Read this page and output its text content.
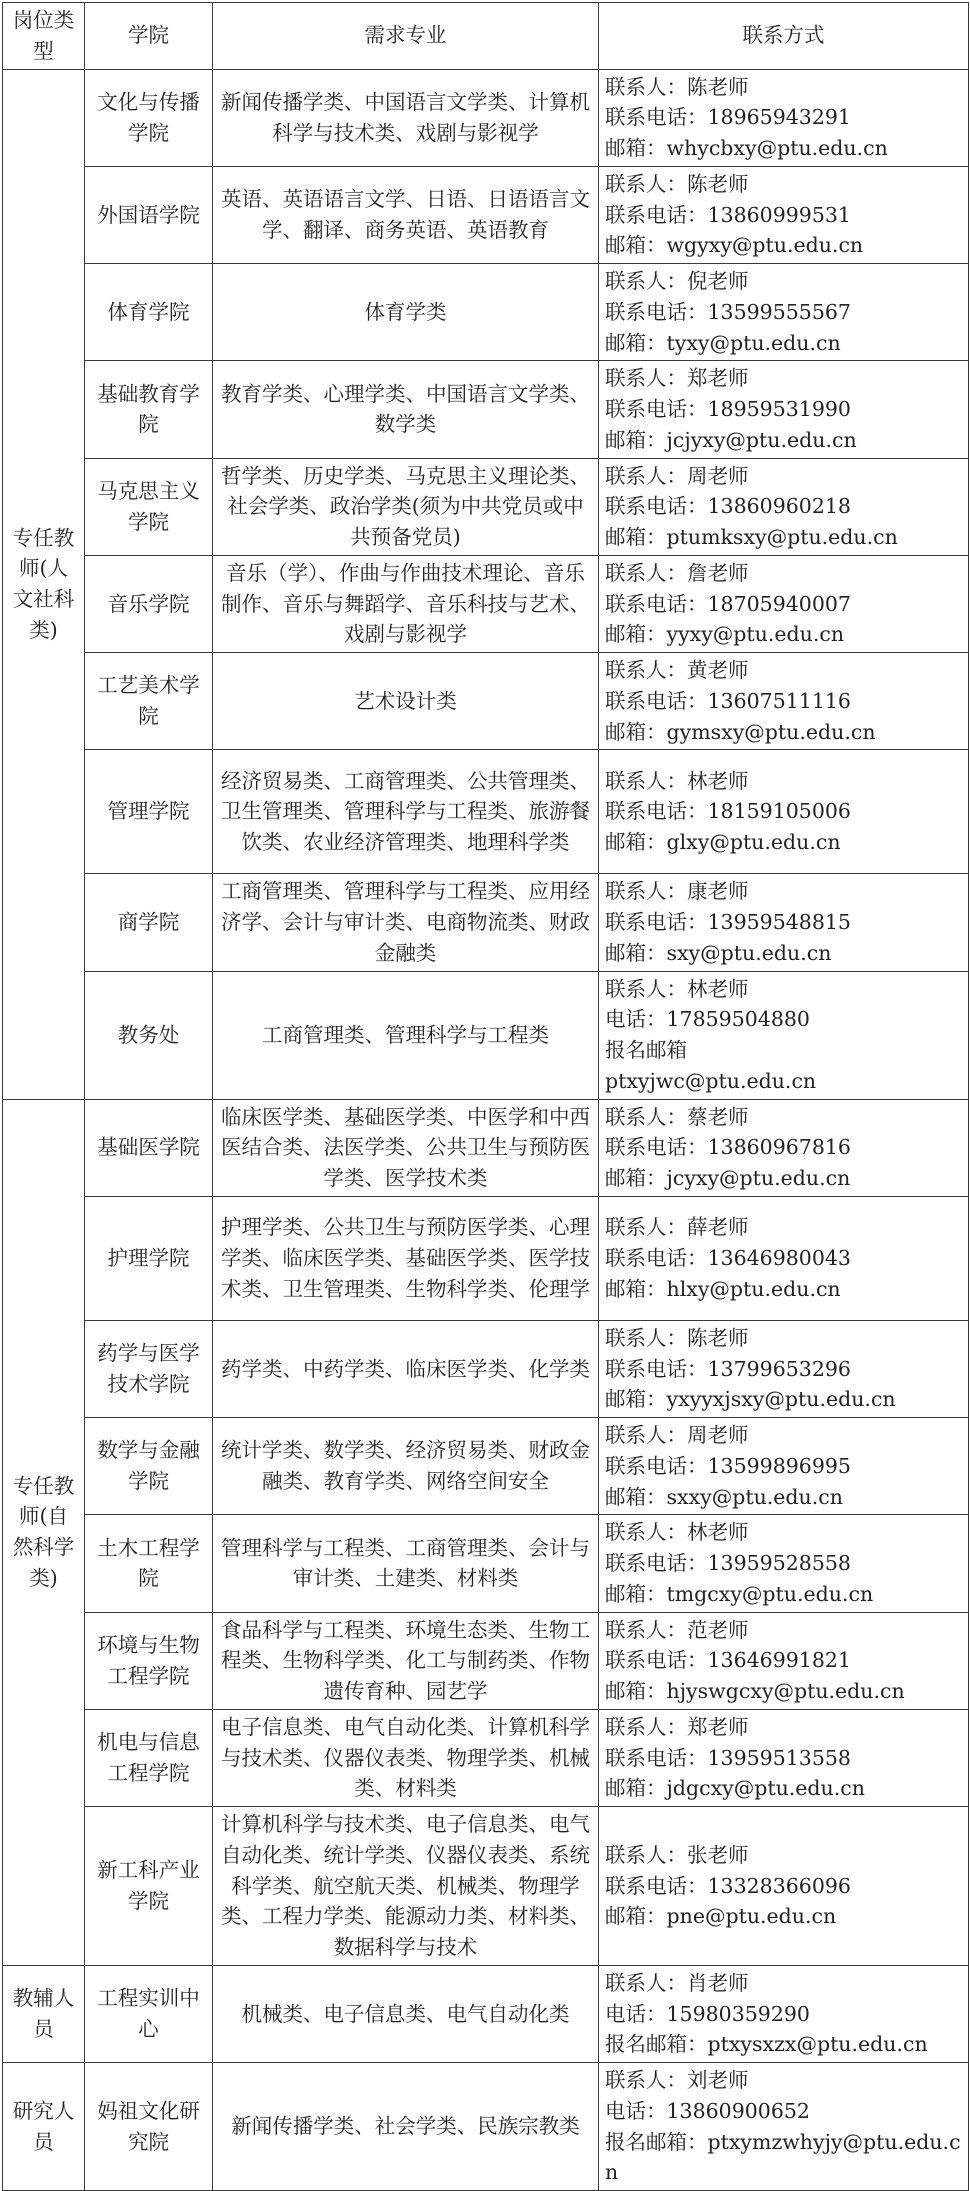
岗位类型	学院	需求专业	联系方式
专任教师(人文社科类)	文化与传播学院	新闻传播学类、中国语言文学类、计算机科学与技术类、戏剧与影视学	联系人：陈老师
联系电话：18965943291
邮箱：whycbxy@ptu.edu.cn

	外国语学院	英语、英语语言文学、日语、日语语言文学、翻译、商务英语、英语教育	联系人：陈老师
联系电话：13860999531
邮箱：wgyxy@ptu.edu.cn

	体育学院	体育学类	联系人：倪老师
联系电话：13599555567
邮箱：tyxy@ptu.edu.cn

	基础教育学院	教育学类、心理学类、中国语言文学类、数学类	联系人：郑老师
联系电话：18959531990
邮箱：jcjyxy@ptu.edu.cn

	马克思主义学院	哲学类、历史学类、马克思主义理论类、社会学类、政治学类(须为中共党员或中共预备党员)	联系人：周老师
联系电话：13860960218
邮箱：ptumksxy@ptu.edu.cn

	音乐学院	音乐（学）、作曲与作曲技术理论、音乐制作、音乐与舞蹈学、音乐科技与艺术、戏剧与影视学	联系人：詹老师
联系电话：18705940007
邮箱：yyxy@ptu.edu.cn

	工艺美术学院	艺术设计类	联系人：黄老师
联系电话：13607511116
邮箱：gymsxy@ptu.edu.cn

	管理学院	经济贸易类、工商管理类、公共管理类、卫生管理类、管理科学与工程类、旅游餐饮类、农业经济管理类、地理科学类	联系人：林老师
联系电话：18159105006
邮箱：glxy@ptu.edu.cn

	商学院	工商管理类、管理科学与工程类、应用经济学、会计与审计类、电商物流类、财政金融类	联系人：康老师
联系电话：13959548815
邮箱：sxy@ptu.edu.cn

	教务处	工商管理类、管理科学与工程类	联系人：林老师
电话：17859504880
报名邮箱
ptxyjwc@ptu.edu.cn

专任教师(自然科学类)	基础医学院	临床医学类、基础医学类、中医学和中西医结合类、法医学类、公共卫生与预防医学类、医学技术类	联系人：蔡老师
联系电话：13860967816
邮箱：jcyxy@ptu.edu.cn

	护理学院	护理学类、公共卫生与预防医学类、心理学类、临床医学类、基础医学类、医学技术类、卫生管理类、生物科学类、伦理学	联系人：薛老师
联系电话：13646980043
邮箱：hlxy@ptu.edu.cn

	药学与医学技术学院	药学类、中药学类、临床医学类、化学类	联系人：陈老师
联系电话：13799653296
邮箱：yxyyxjsxy@ptu.edu.cn

	数学与金融学院	统计学类、数学类、经济贸易类、财政金融类、教育学类、网络空间安全	联系人：周老师
联系电话：13599896995
邮箱：sxxy@ptu.edu.cn

	土木工程学院	管理科学与工程类、工商管理类、会计与审计类、土建类、材料类	联系人：林老师
联系电话：13959528558
邮箱：tmgcxy@ptu.edu.cn

	环境与生物工程学院	食品科学与工程类、环境生态类、生物工程类、生物科学类、化工与制药类、作物遗传育种、园艺学	联系人：范老师
联系电话：13646991821
邮箱：hjyswgcxy@ptu.edu.cn

	机电与信息工程学院	电子信息类、电气自动化类、计算机科学与技术类、仪器仪表类、物理学类、机械类、材料类	联系人：郑老师
联系电话：13959513558
邮箱：jdgcxy@ptu.edu.cn

	新工科产业学院	计算机科学与技术类、电子信息类、电气自动化类、统计学类、仪器仪表类、系统科学类、航空航天类、机械类、物理学类、工程力学类、能源动力类、材料类、数据科学与技术	联系人：张老师
联系电话：13328366096
邮箱：pne@ptu.edu.cn

教辅人员	工程实训中心	机械类、电子信息类、电气自动化类	联系人：肖老师
电话：15980359290
报名邮箱：ptxysxzx@ptu.edu.cn

研究人员	妈祖文化研究院	新闻传播学类、社会学类、民族宗教类	联系人：刘老师
电话：13860900652
报名邮箱：ptxymzwhyjy@ptu.edu.cn
